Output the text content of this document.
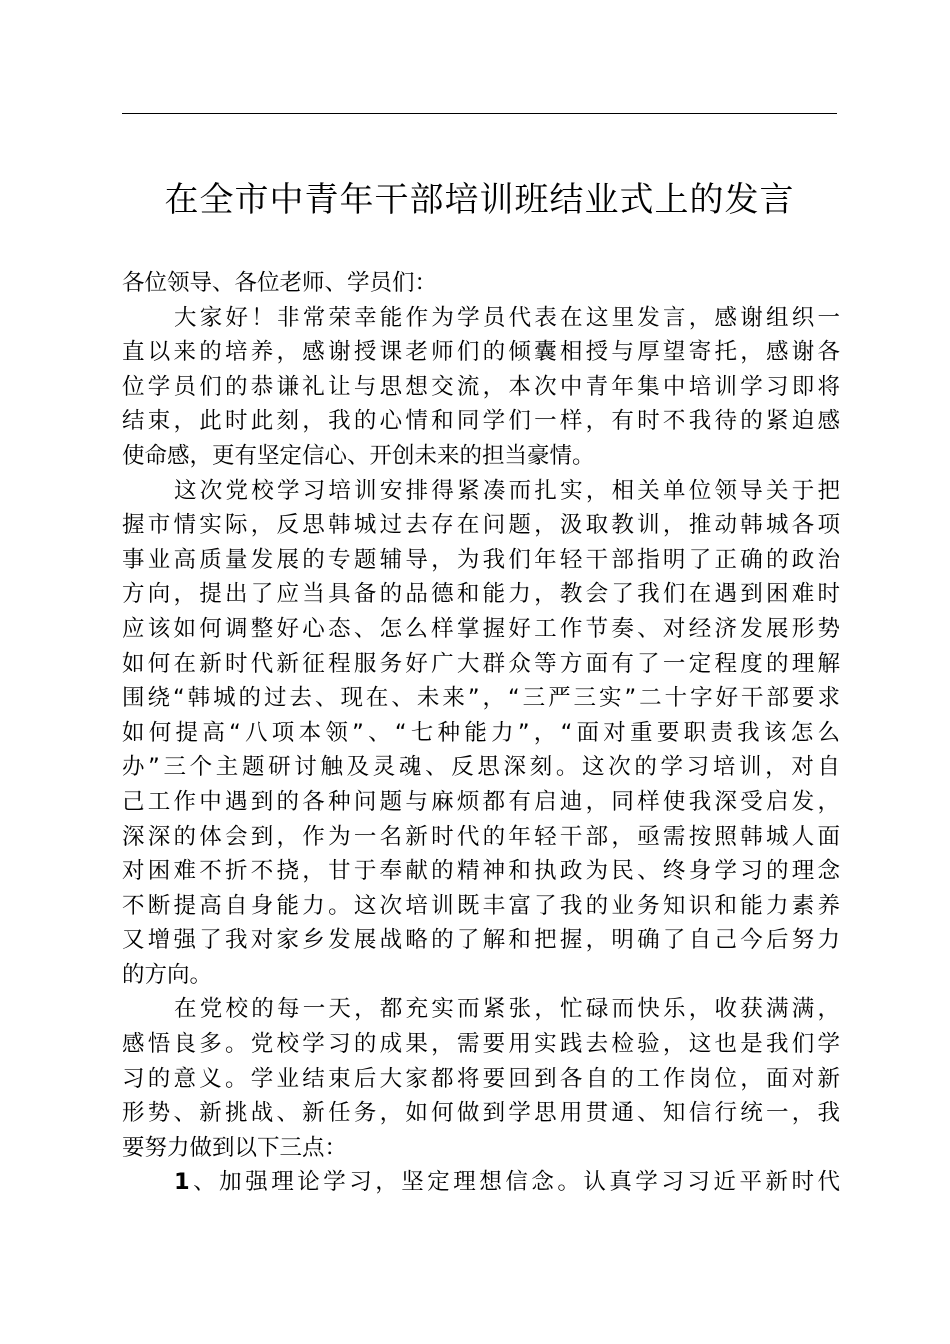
在全市中青年干部培训班结业式上的发言
各位领导、各位老师、学员们：
大家好！非常荣幸能作为学员代表在这里发言，感谢组织一
直以来的培养，感谢授课老师们的倾囊相授与厚望寄托，感谢各
位学员们的恭谦礼让与思想交流，本次中青年集中培训学习即将
结束，此时此刻，我的心情和同学们一样，有时不我待的紧迫感
使命感，更有坚定信心、开创未来的担当豪情。
这次党校学习培训安排得紧凑而扎实，相关单位领导关于把
握市情实际，反思韩城过去存在问题，汲取教训，推动韩城各项
事业高质量发展的专题辅导，为我们年轻干部指明了正确的政治
方向，提出了应当具备的品德和能力，教会了我们在遇到困难时
应该如何调整好心态、怎么样掌握好工作节奏、对经济发展形势
如何在新时代新征程服务好广大群众等方面有了一定程度的理解
围绕“韩城的过去、现在、未来”，“三严三实”二十字好干部要求
如何提高“八项本领”、“七种能力”，“面对重要职责我该怎么
办”三个主题研讨触及灵魂、反思深刻。这次的学习培训，对自
己工作中遇到的各种问题与麻烦都有启迪，同样使我深受启发，
深深的体会到，作为一名新时代的年轻干部，亟需按照韩城人面
对困难不折不挠，甘于奉献的精神和执政为民、终身学习的理念
不断提高自身能力。这次培训既丰富了我的业务知识和能力素养
又增强了我对家乡发展战略的了解和把握，明确了自己今后努力
的方向。
在党校的每一天，都充实而紧张，忙碌而快乐，收获满满，
感悟良多。党校学习的成果，需要用实践去检验，这也是我们学
习的意义。学业结束后大家都将要回到各自的工作岗位，面对新
形势、新挑战、新任务，如何做到学思用贯通、知信行统一，我
要努力做到以下三点：
1、加强理论学习，坚定理想信念。认真学习习近平新时代
